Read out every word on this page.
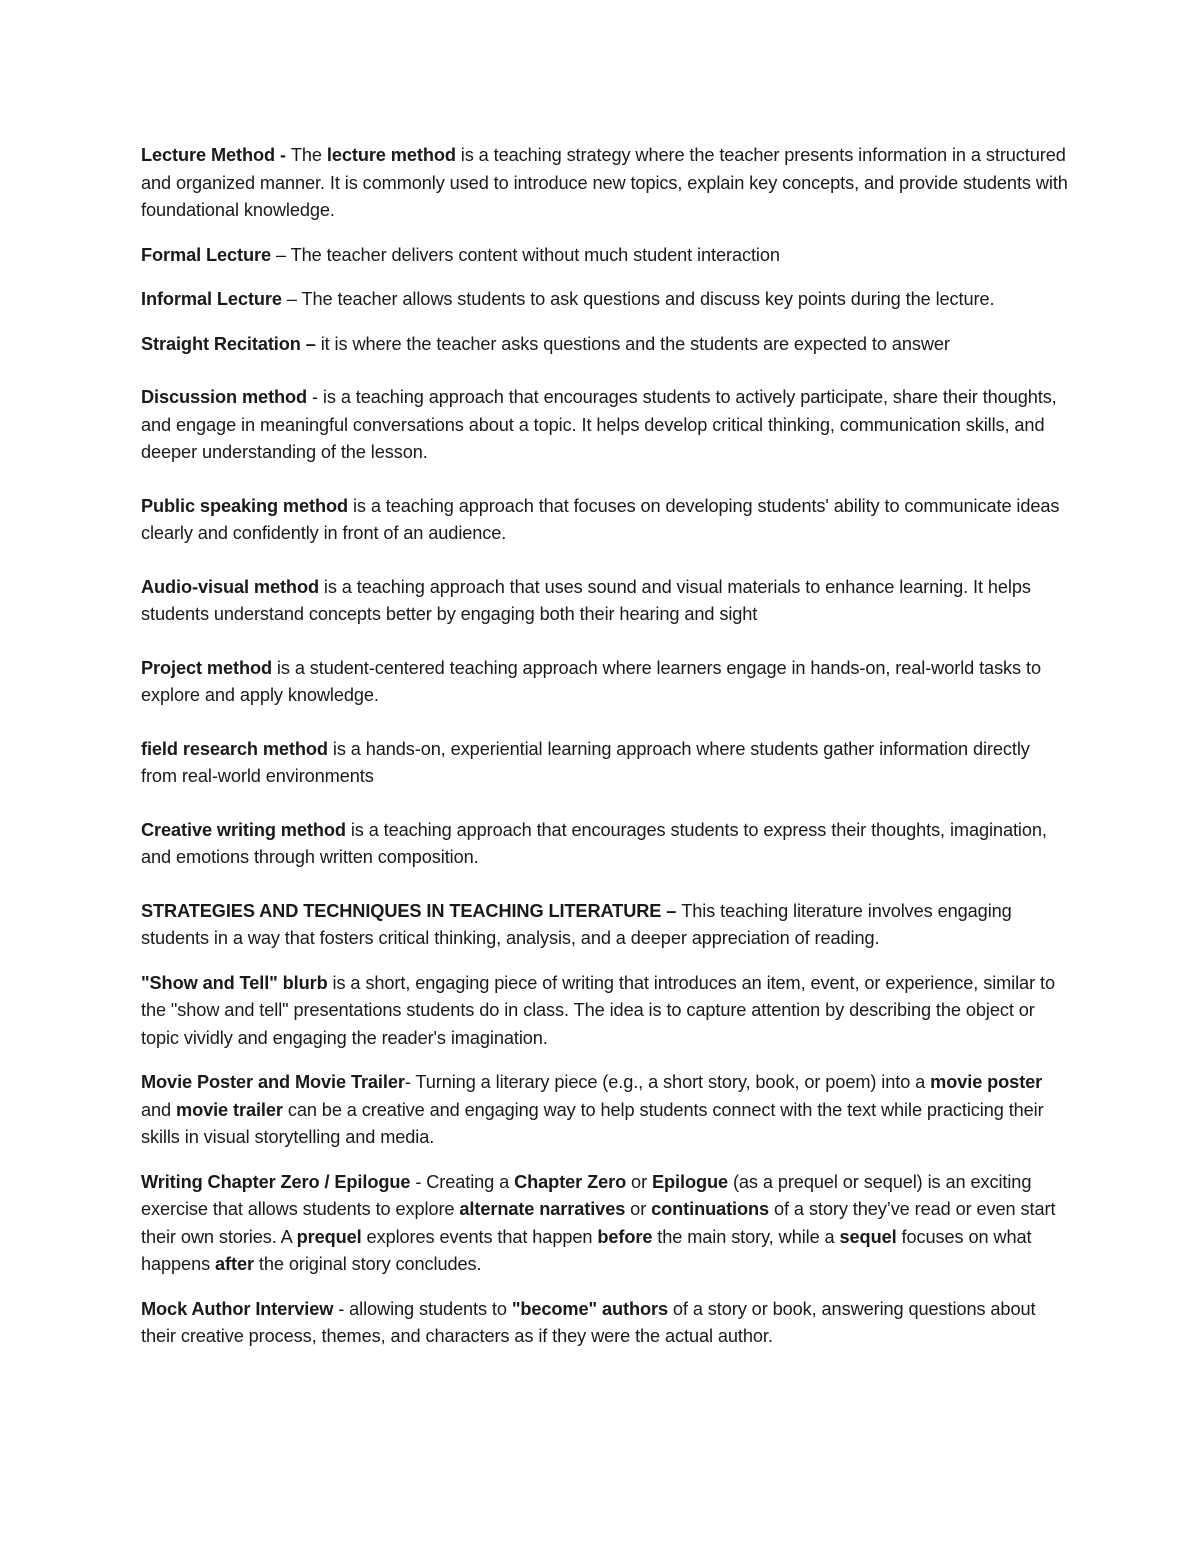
Lecture Method - The lecture method is a teaching strategy where the teacher presents information in a structured and organized manner. It is commonly used to introduce new topics, explain key concepts, and provide students with foundational knowledge.

Formal Lecture – The teacher delivers content without much student interaction

Informal Lecture – The teacher allows students to ask questions and discuss key points during the lecture.

Straight Recitation – it is where the teacher asks questions and the students are expected to answer

Discussion method - is a teaching approach that encourages students to actively participate, share their thoughts, and engage in meaningful conversations about a topic. It helps develop critical thinking, communication skills, and deeper understanding of the lesson.

Public speaking method is a teaching approach that focuses on developing students' ability to communicate ideas clearly and confidently in front of an audience.

Audio-visual method is a teaching approach that uses sound and visual materials to enhance learning. It helps students understand concepts better by engaging both their hearing and sight

Project method is a student-centered teaching approach where learners engage in hands-on, real-world tasks to explore and apply knowledge.

field research method is a hands-on, experiential learning approach where students gather information directly from real-world environments

Creative writing method is a teaching approach that encourages students to express their thoughts, imagination, and emotions through written composition.

STRATEGIES AND TECHNIQUES IN TEACHING LITERATURE – This teaching literature involves engaging students in a way that fosters critical thinking, analysis, and a deeper appreciation of reading.

"Show and Tell" blurb is a short, engaging piece of writing that introduces an item, event, or experience, similar to the "show and tell" presentations students do in class. The idea is to capture attention by describing the object or topic vividly and engaging the reader's imagination.

Movie Poster and Movie Trailer- Turning a literary piece (e.g., a short story, book, or poem) into a movie poster and movie trailer can be a creative and engaging way to help students connect with the text while practicing their skills in visual storytelling and media.

Writing Chapter Zero / Epilogue - Creating a Chapter Zero or Epilogue (as a prequel or sequel) is an exciting exercise that allows students to explore alternate narratives or continuations of a story they’ve read or even start their own stories. A prequel explores events that happen before the main story, while a sequel focuses on what happens after the original story concludes.

Mock Author Interview - allowing students to "become" authors of a story or book, answering questions about their creative process, themes, and characters as if they were the actual author.
